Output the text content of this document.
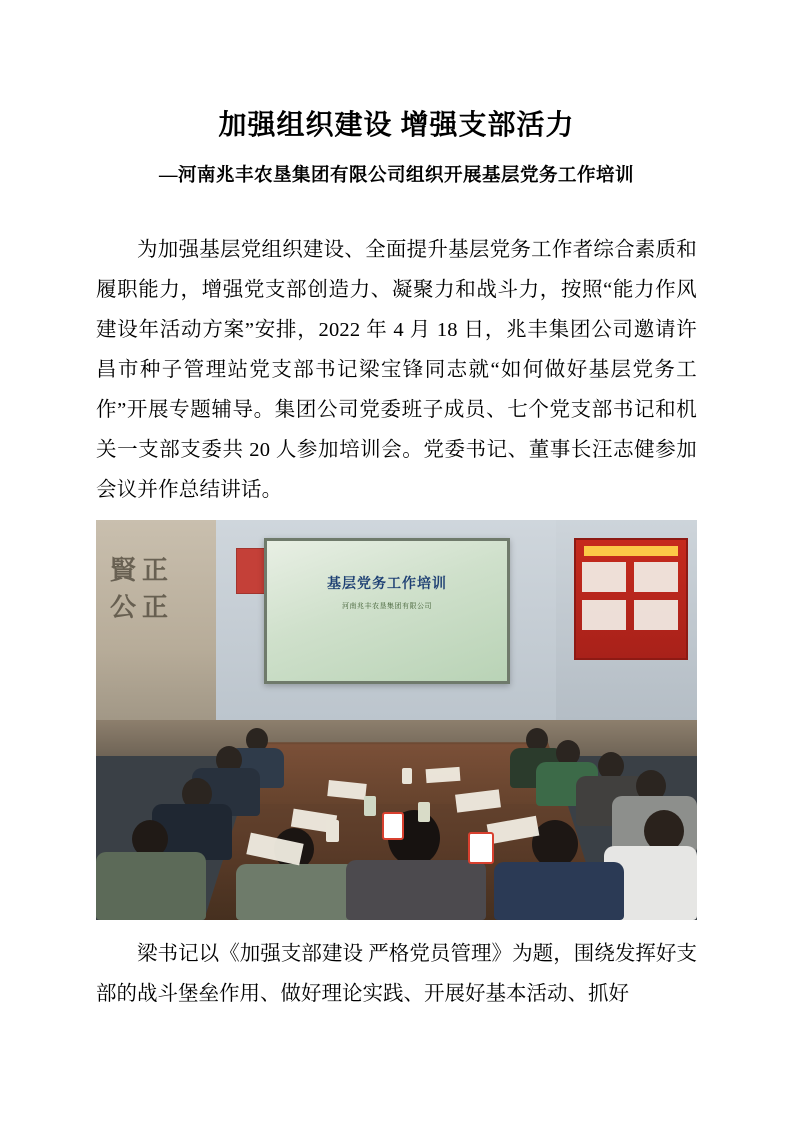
加强组织建设 增强支部活力
—河南兆丰农垦集团有限公司组织开展基层党务工作培训

为加强基层党组织建设、全面提升基层党务工作者综合素质和履职能力，增强党支部创造力、凝聚力和战斗力，按照“能力作风建设年活动方案”安排，2022 年 4 月 18 日，兆丰集团公司邀请许昌市种子管理站党支部书记梁宝锋同志就“如何做好基层党务工作”开展专题辅导。集团公司党委班子成员、七个党支部书记和机关一支部支委共 20 人参加培训会。党委书记、董事长汪志健参加会议并作总结讲话。

賢正公正
基层党务工作培训
河南兆丰农垦集团有限公司

梁书记以《加强支部建设 严格党员管理》为题，围绕发挥好支部的战斗堡垒作用、做好理论实践、开展好基本活动、抓好
